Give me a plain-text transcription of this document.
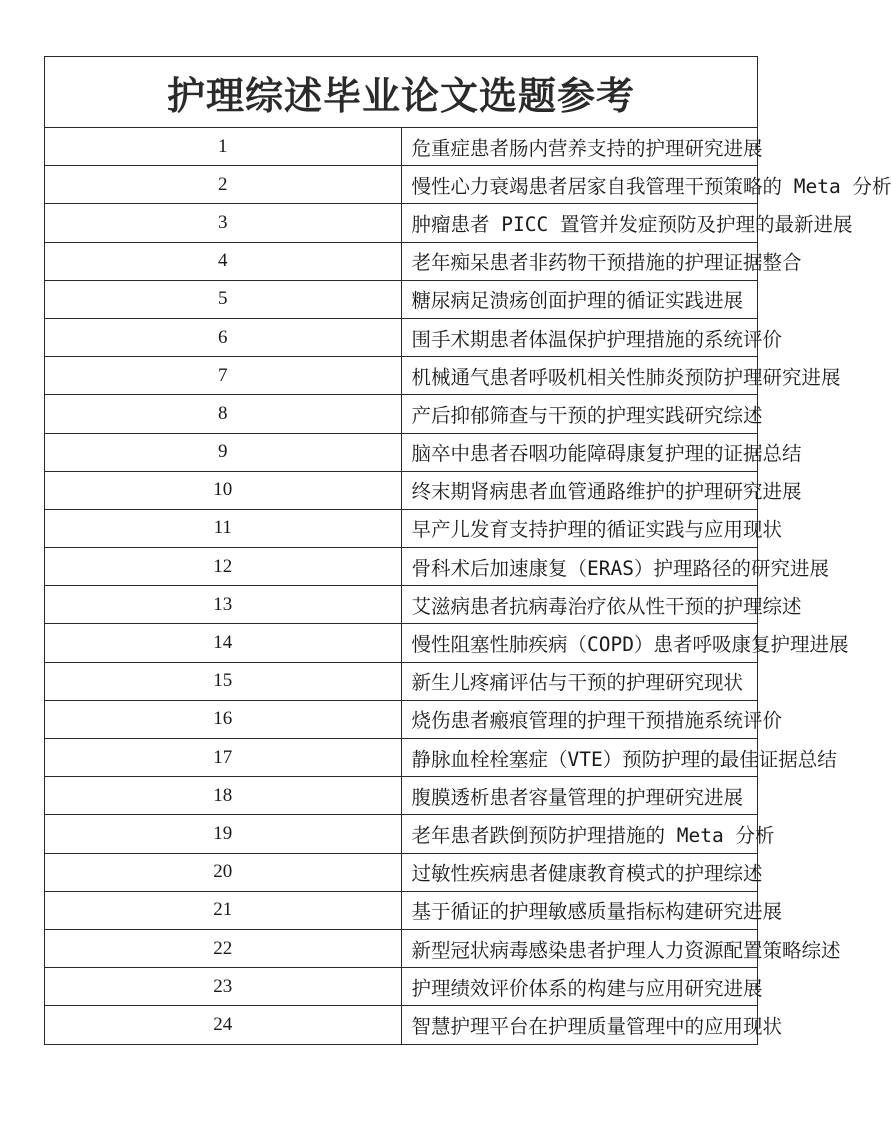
护理综述毕业论文选题参考	
1	危重症患者肠内营养支持的护理研究进展
2	慢性心力衰竭患者居家自我管理干预策略的 Meta 分析
3	肿瘤患者 PICC 置管并发症预防及护理的最新进展
4	老年痴呆患者非药物干预措施的护理证据整合
5	糖尿病足溃疡创面护理的循证实践进展
6	围手术期患者体温保护护理措施的系统评价
7	机械通气患者呼吸机相关性肺炎预防护理研究进展
8	产后抑郁筛查与干预的护理实践研究综述
9	脑卒中患者吞咽功能障碍康复护理的证据总结
10	终末期肾病患者血管通路维护的护理研究进展
11	早产儿发育支持护理的循证实践与应用现状
12	骨科术后加速康复（ERAS）护理路径的研究进展
13	艾滋病患者抗病毒治疗依从性干预的护理综述
14	慢性阻塞性肺疾病（COPD）患者呼吸康复护理进展
15	新生儿疼痛评估与干预的护理研究现状
16	烧伤患者瘢痕管理的护理干预措施系统评价
17	静脉血栓栓塞症（VTE）预防护理的最佳证据总结
18	腹膜透析患者容量管理的护理研究进展
19	老年患者跌倒预防护理措施的 Meta 分析
20	过敏性疾病患者健康教育模式的护理综述
21	基于循证的护理敏感质量指标构建研究进展
22	新型冠状病毒感染患者护理人力资源配置策略综述
23	护理绩效评价体系的构建与应用研究进展
24	智慧护理平台在护理质量管理中的应用现状
